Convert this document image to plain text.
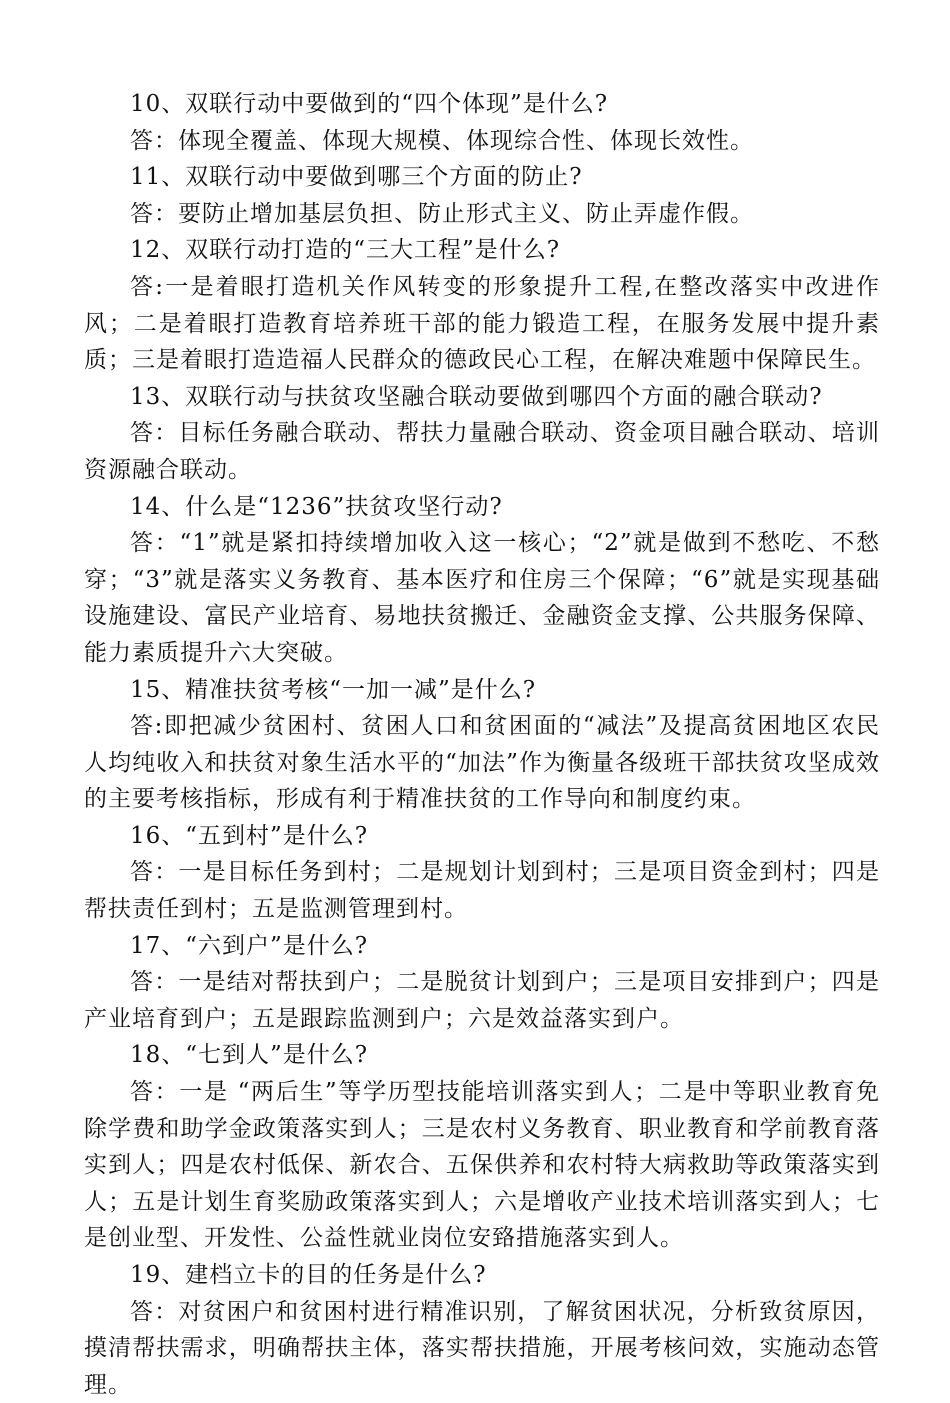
10、双联行动中要做到的“四个体现”是什么?

答：体现全覆盖、体现大规模、体现综合性、体现长效性。

11、双联行动中要做到哪三个方面的防止?

答：要防止增加基层负担、防止形式主义、防止弄虚作假。

12、双联行动打造的“三大工程”是什么?

答:一是着眼打造机关作风转变的形象提升工程,在整改落实中改进作风；二是着眼打造教育培养班干部的能力锻造工程，在服务发展中提升素质；三是着眼打造造福人民群众的德政民心工程，在解决难题中保障民生。

13、双联行动与扶贫攻坚融合联动要做到哪四个方面的融合联动?

答：目标任务融合联动、帮扶力量融合联动、资金项目融合联动、培训资源融合联动。

14、什么是“1236”扶贫攻坚行动?

答：“1”就是紧扣持续增加收入这一核心；“2”就是做到不愁吃、不愁穿；“3”就是落实义务教育、基本医疗和住房三个保障；“6”就是实现基础设施建设、富民产业培育、易地扶贫搬迁、金融资金支撑、公共服务保障、能力素质提升六大突破。

15、精准扶贫考核“一加一减”是什么?

答:即把减少贫困村、贫困人口和贫困面的“减法”及提高贫困地区农民人均纯收入和扶贫对象生活水平的“加法”作为衡量各级班干部扶贫攻坚成效的主要考核指标，形成有利于精准扶贫的工作导向和制度约束。

16、“五到村”是什么?

答：一是目标任务到村；二是规划计划到村；三是项目资金到村；四是帮扶责任到村；五是监测管理到村。

17、“六到户”是什么?

答：一是结对帮扶到户；二是脱贫计划到户；三是项目安排到户；四是产业培育到户；五是跟踪监测到户；六是效益落实到户。

18、“七到人”是什么?

答：一是 “两后生”等学历型技能培训落实到人；二是中等职业教育免除学费和助学金政策落实到人；三是农村义务教育、职业教育和学前教育落实到人；四是农村低保、新农合、五保供养和农村特大病救助等政策落实到人；五是计划生育奖励政策落实到人；六是增收产业技术培训落实到人；七是创业型、开发性、公益性就业岗位安臵措施落实到人。

19、建档立卡的目的任务是什么?

答：对贫困户和贫困村进行精准识别，了解贫困状况，分析致贫原因，摸清帮扶需求，明确帮扶主体，落实帮扶措施，开展考核问效，实施动态管理。
